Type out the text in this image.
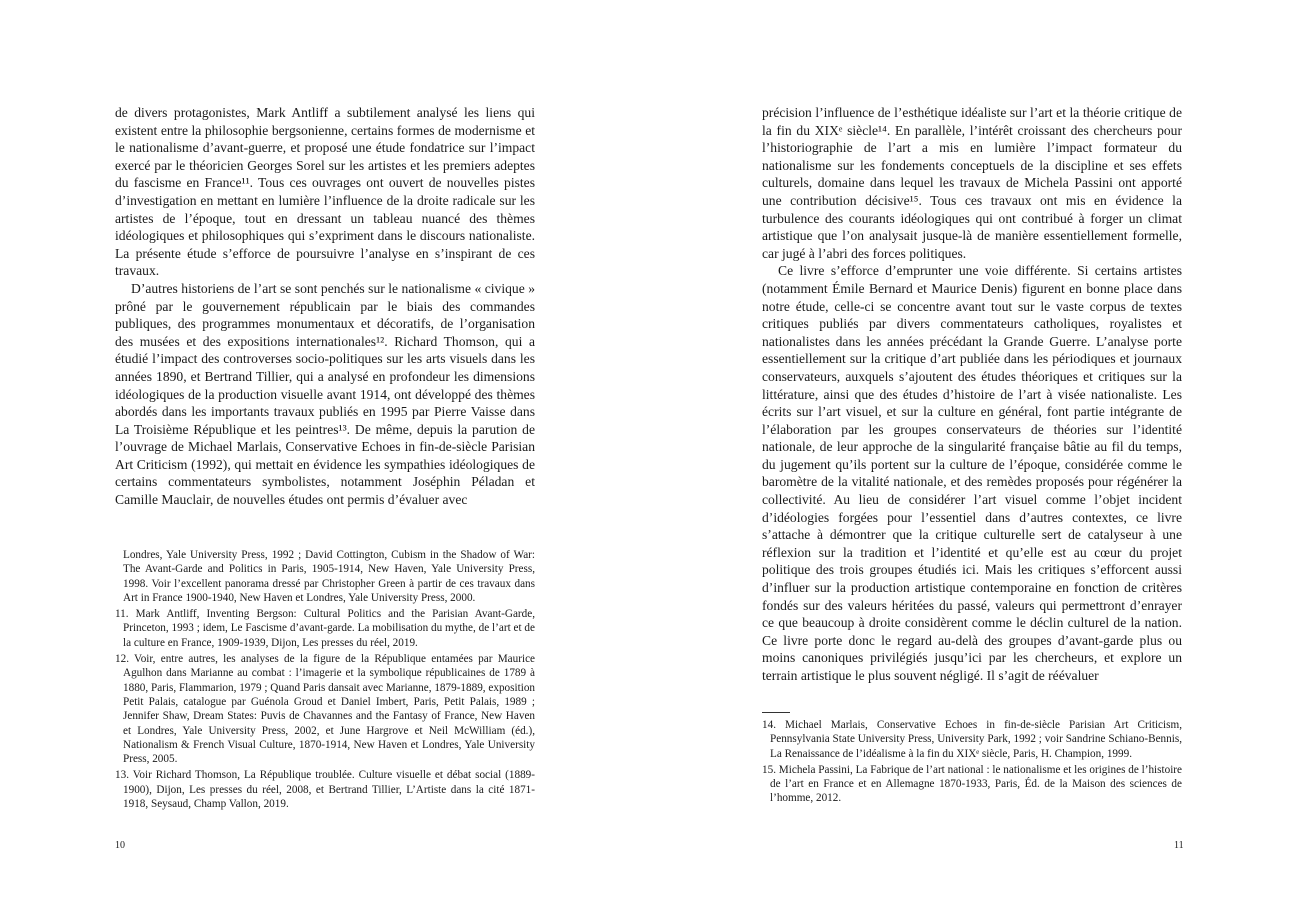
de divers protagonistes, Mark Antliff a subtilement analysé les liens qui existent entre la philosophie bergsonienne, certains formes de modernisme et le nationalisme d’avant-guerre, et proposé une étude fondatrice sur l’impact exercé par le théoricien Georges Sorel sur les artistes et les premiers adeptes du fascisme en France¹¹. Tous ces ouvrages ont ouvert de nouvelles pistes d’investigation en mettant en lumière l’influence de la droite radicale sur les artistes de l’époque, tout en dressant un tableau nuancé des thèmes idéologiques et philosophiques qui s’expriment dans le discours nationaliste. La présente étude s’efforce de poursuivre l’analyse en s’inspirant de ces travaux.

D’autres historiens de l’art se sont penchés sur le nationalisme « civique » prôné par le gouvernement républicain par le biais des commandes publiques, des programmes monumentaux et décoratifs, de l’organisation des musées et des expositions internationales¹². Richard Thomson, qui a étudié l’impact des controverses socio-politiques sur les arts visuels dans les années 1890, et Bertrand Tillier, qui a analysé en profondeur les dimensions idéologiques de la production visuelle avant 1914, ont développé des thèmes abordés dans les importants travaux publiés en 1995 par Pierre Vaisse dans La Troisième République et les peintres¹³. De même, depuis la parution de l’ouvrage de Michael Marlais, Conservative Echoes in fin-de-siècle Parisian Art Criticism (1992), qui mettait en évidence les sympathies idéologiques de certains commentateurs symbolistes, notamment Joséphin Péladan et Camille Mauclair, de nouvelles études ont permis d’évaluer avec

Londres, Yale University Press, 1992 ; David Cottington, Cubism in the Shadow of War: The Avant-Garde and Politics in Paris, 1905-1914, New Haven, Yale University Press, 1998. Voir l’excellent panorama dressé par Christopher Green à partir de ces travaux dans Art in France 1900-1940, New Haven et Londres, Yale University Press, 2000.

11. Mark Antliff, Inventing Bergson: Cultural Politics and the Parisian Avant-Garde, Princeton, 1993 ; idem, Le Fascisme d’avant-garde. La mobilisation du mythe, de l’art et de la culture en France, 1909-1939, Dijon, Les presses du réel, 2019.

12. Voir, entre autres, les analyses de la figure de la République entamées par Maurice Agulhon dans Marianne au combat : l’imagerie et la symbolique républicaines de 1789 à 1880, Paris, Flammarion, 1979 ; Quand Paris dansait avec Marianne, 1879-1889, exposition Petit Palais, catalogue par Guénola Groud et Daniel Imbert, Paris, Petit Palais, 1989 ; Jennifer Shaw, Dream States: Puvis de Chavannes and the Fantasy of France, New Haven et Londres, Yale University Press, 2002, et June Hargrove et Neil McWilliam (éd.), Nationalism & French Visual Culture, 1870-1914, New Haven et Londres, Yale University Press, 2005.

13. Voir Richard Thomson, La République troublée. Culture visuelle et débat social (1889-1900), Dijon, Les presses du réel, 2008, et Bertrand Tillier, L’Artiste dans la cité 1871-1918, Seysaud, Champ Vallon, 2019.

10

précision l’influence de l’esthétique idéaliste sur l’art et la théorie critique de la fin du XIXᵉ siècle¹⁴. En parallèle, l’intérêt croissant des chercheurs pour l’historiographie de l’art a mis en lumière l’impact formateur du nationalisme sur les fondements conceptuels de la discipline et ses effets culturels, domaine dans lequel les travaux de Michela Passini ont apporté une contribution décisive¹⁵. Tous ces travaux ont mis en évidence la turbulence des courants idéologiques qui ont contribué à forger un climat artistique que l’on analysait jusque-là de manière essentiellement formelle, car jugé à l’abri des forces politiques.

Ce livre s’efforce d’emprunter une voie différente. Si certains artistes (notamment Émile Bernard et Maurice Denis) figurent en bonne place dans notre étude, celle-ci se concentre avant tout sur le vaste corpus de textes critiques publiés par divers commentateurs catholiques, royalistes et nationalistes dans les années précédant la Grande Guerre. L’analyse porte essentiellement sur la critique d’art publiée dans les périodiques et journaux conservateurs, auxquels s’ajoutent des études théoriques et critiques sur la littérature, ainsi que des études d’histoire de l’art à visée nationaliste. Les écrits sur l’art visuel, et sur la culture en général, font partie intégrante de l’élaboration par les groupes conservateurs de théories sur l’identité nationale, de leur approche de la singularité française bâtie au fil du temps, du jugement qu’ils portent sur la culture de l’époque, considérée comme le baromètre de la vitalité nationale, et des remèdes proposés pour régénérer la collectivité. Au lieu de considérer l’art visuel comme l’objet incident d’idéologies forgées pour l’essentiel dans d’autres contextes, ce livre s’attache à démontrer que la critique culturelle sert de catalyseur à une réflexion sur la tradition et l’identité et qu’elle est au cœur du projet politique des trois groupes étudiés ici. Mais les critiques s’efforcent aussi d’influer sur la production artistique contemporaine en fonction de critères fondés sur des valeurs héritées du passé, valeurs qui permettront d’enrayer ce que beaucoup à droite considèrent comme le déclin culturel de la nation. Ce livre porte donc le regard au-delà des groupes d’avant-garde plus ou moins canoniques privilégiés jusqu’ici par les chercheurs, et explore un terrain artistique le plus souvent négligé. Il s’agit de réévaluer

14. Michael Marlais, Conservative Echoes in fin-de-siècle Parisian Art Criticism, Pennsylvania State University Press, University Park, 1992 ; voir Sandrine Schiano-Bennis, La Renaissance de l’idéalisme à la fin du XIXᵉ siècle, Paris, H. Champion, 1999.

15. Michela Passini, La Fabrique de l’art national : le nationalisme et les origines de l’histoire de l’art en France et en Allemagne 1870-1933, Paris, Éd. de la Maison des sciences de l’homme, 2012.

11
